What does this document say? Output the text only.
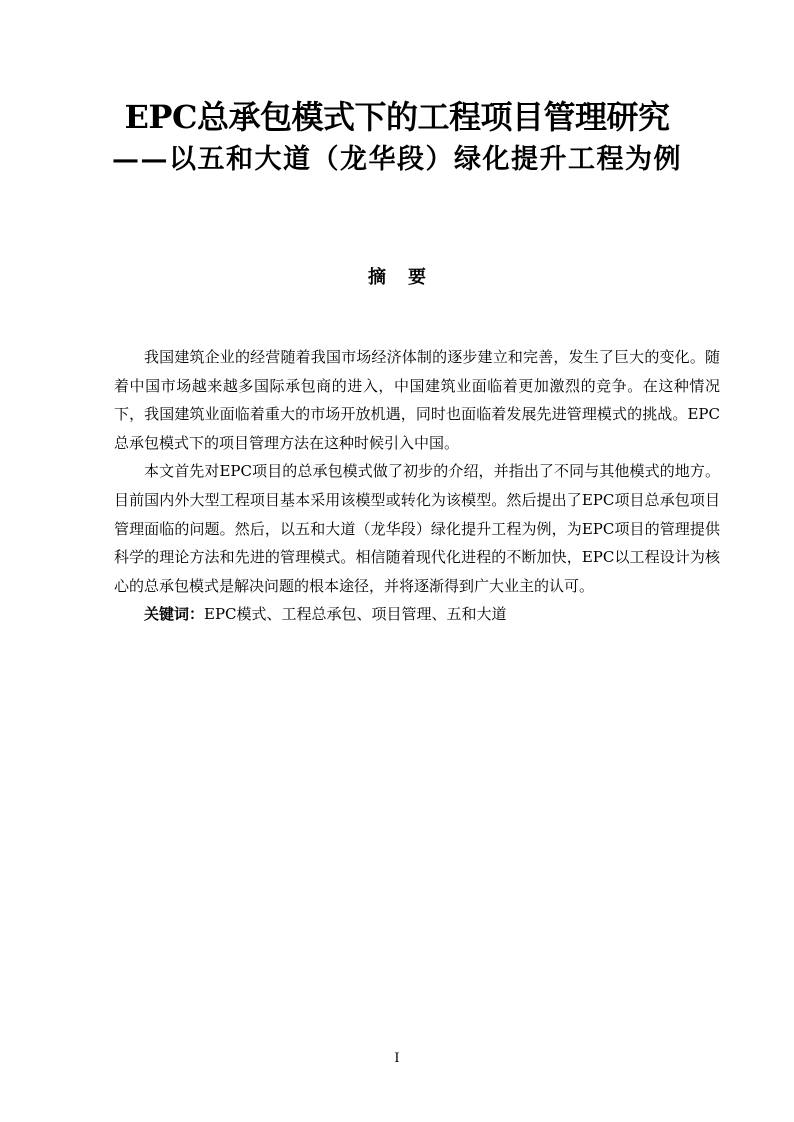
EPC总承包模式下的工程项目管理研究
——以五和大道（龙华段）绿化提升工程为例
摘要

我国建筑企业的经营随着我国市场经济体制的逐步建立和完善，发生了巨大的变化。随着中国市场越来越多国际承包商的进入，中国建筑业面临着更加激烈的竞争。在这种情况下，我国建筑业面临着重大的市场开放机遇，同时也面临着发展先进管理模式的挑战。EPC总承包模式下的项目管理方法在这种时候引入中国。

本文首先对EPC项目的总承包模式做了初步的介绍，并指出了不同与其他模式的地方。目前国内外大型工程项目基本采用该模型或转化为该模型。然后提出了EPC项目总承包项目管理面临的问题。然后，以五和大道（龙华段）绿化提升工程为例，为EPC项目的管理提供科学的理论方法和先进的管理模式。相信随着现代化进程的不断加快，EPC以工程设计为核心的总承包模式是解决问题的根本途径，并将逐渐得到广大业主的认可。

关键词：EPC模式、工程总承包、项目管理、五和大道

I
